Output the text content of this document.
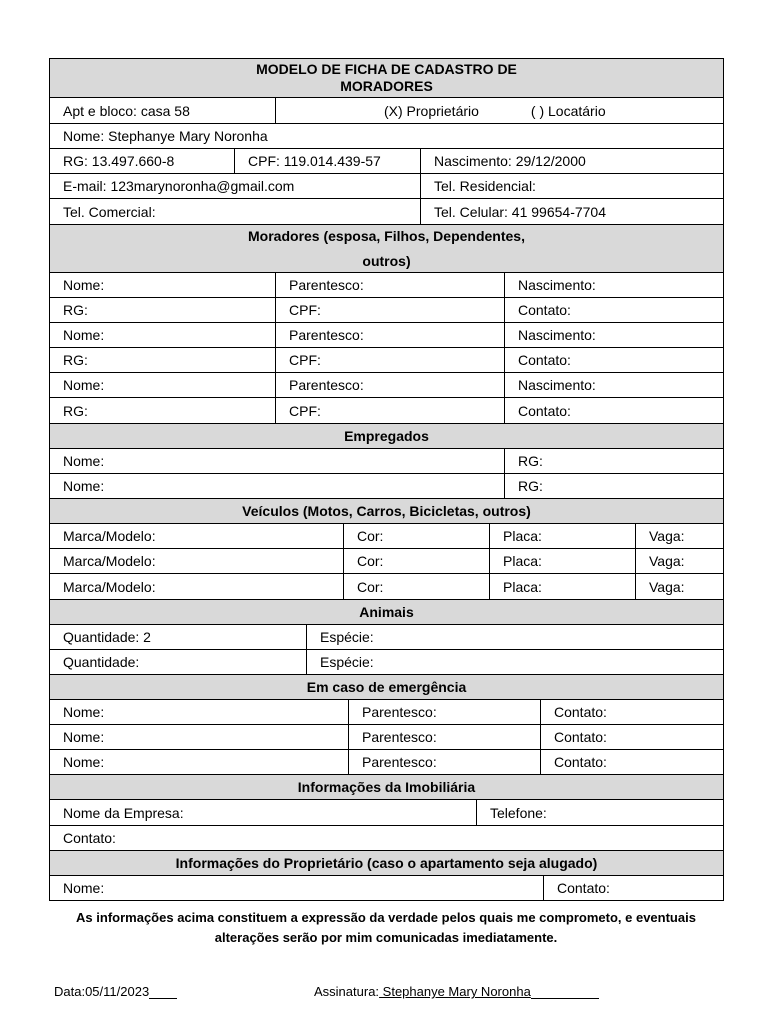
MODELO DE FICHA DE CADASTRO DE
MORADORES
Apt e bloco: casa 58	(X) Proprietário	( ) Locatário
Nome: Stephanye Mary Noronha
RG: 13.497.660-8	CPF: 119.014.439-57	Nascimento: 29/12/2000
E-mail: 123marynoronha@gmail.com	Tel. Residencial:
Tel. Comercial:	Tel. Celular: 41 99654-7704
Moradores (esposa, Filhos, Dependentes,
outros)
Nome:	Parentesco:	Nascimento:
RG:	CPF:	Contato:
Nome:	Parentesco:	Nascimento:
RG:	CPF:	Contato:
Nome:	Parentesco:	Nascimento:
RG:	CPF:	Contato:
Empregados
Nome:	RG:
Nome:	RG:
Veículos (Motos, Carros, Bicicletas, outros)
Marca/Modelo:	Cor:	Placa:	Vaga:
Marca/Modelo:	Cor:	Placa:	Vaga:
Marca/Modelo:	Cor:	Placa:	Vaga:
Animais
Quantidade: 2	Espécie:
Quantidade:	Espécie:
Em caso de emergência
Nome:	Parentesco:	Contato:
Nome:	Parentesco:	Contato:
Nome:	Parentesco:	Contato:
Informações da Imobiliária
Nome da Empresa:	Telefone:
Contato:
Informações do Proprietário (caso o apartamento seja alugado)
Nome:	Contato:
As informações acima constituem a expressão da verdade pelos quais me comprometo, e eventuais
alterações serão por mim comunicadas imediatamente.
Data:05/11/2023	Assinatura: Stephanye Mary Noronha
